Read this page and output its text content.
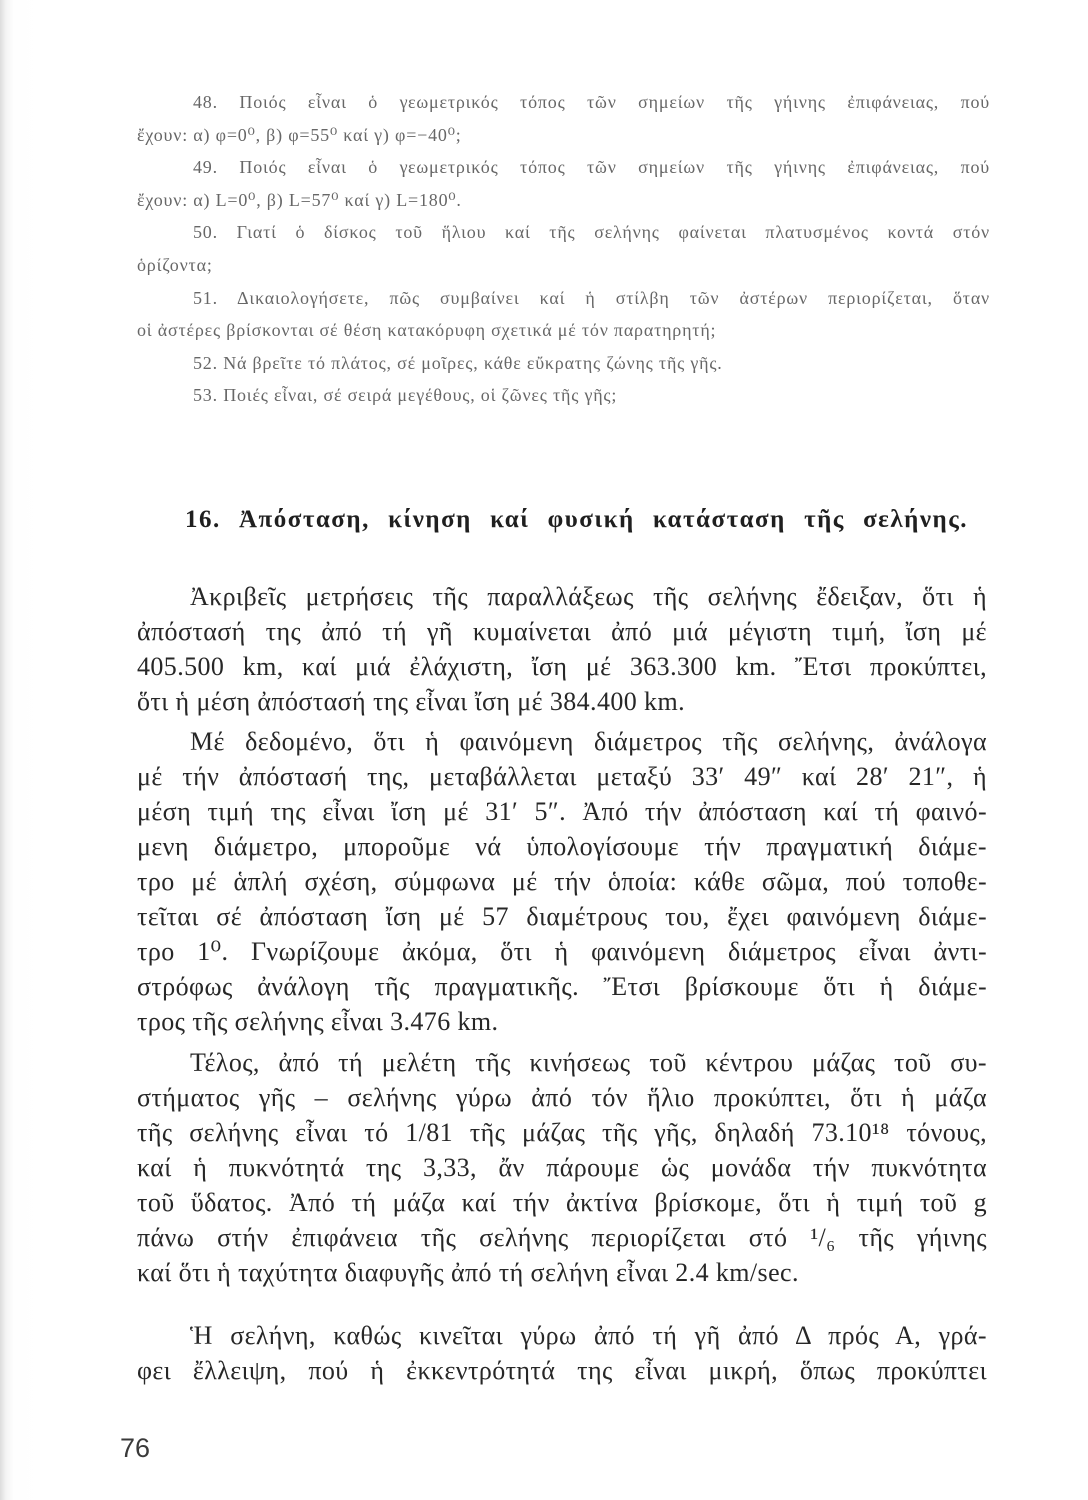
48. Ποιός εἶναι ὁ γεωμετρικός τόπος τῶν σημείων τῆς γήινης ἐπιφάνειας, πού
ἔχουν: α) φ=0⁰, β) φ=55⁰ καί γ) φ=−40⁰;
49. Ποιός εἶναι ὁ γεωμετρικός τόπος τῶν σημείων τῆς γήινης ἐπιφάνειας, πού
ἔχουν: α) L=0⁰, β) L=57⁰ καί γ) L=180⁰.
50. Γιατί ὁ δίσκος τοῦ ἥλιου καί τῆς σελήνης φαίνεται πλατυσμένος κοντά στόν
ὁρίζοντα;
51. Δικαιολογήσετε, πῶς συμβαίνει καί ἡ στίλβη τῶν ἀστέρων περιορίζεται, ὅταν
οἱ ἀστέρες βρίσκονται σέ θέση κατακόρυφη σχετικά μέ τόν παρατηρητή;
52. Νά βρεῖτε τό πλάτος, σέ μοῖρες, κάθε εὔκρατης ζώνης τῆς γῆς.
53. Ποιές εἶναι, σέ σειρά μεγέθους, οἱ ζῶνες τῆς γῆς;
16. Ἀπόσταση, κίνηση καί φυσική κατάσταση τῆς σελήνης.
Ἀκριβεῖς μετρήσεις τῆς παραλλάξεως τῆς σελήνης ἔδειξαν, ὅτι ἡ
ἀπόστασή της ἀπό τή γῆ κυμαίνεται ἀπό μιά μέγιστη τιμή, ἴση μέ
405.500 km, καί μιά ἐλάχιστη, ἴση μέ 363.300 km. Ἔτσι προκύπτει,
ὅτι ἡ μέση ἀπόστασή της εἶναι ἴση μέ 384.400 km.
Μέ δεδομένο, ὅτι ἡ φαινόμενη διάμετρος τῆς σελήνης, ἀνάλογα
μέ τήν ἀπόστασή της, μεταβάλλεται μεταξύ 33′ 49″ καί 28′ 21″, ἡ
μέση τιμή της εἶναι ἴση μέ 31′ 5″. Ἀπό τήν ἀπόσταση καί τή φαινό-
μενη διάμετρο, μποροῦμε νά ὑπολογίσουμε τήν πραγματική διάμε-
τρο μέ ἁπλή σχέση, σύμφωνα μέ τήν ὁποία: κάθε σῶμα, πού τοποθε-
τεῖται σέ ἀπόσταση ἴση μέ 57 διαμέτρους του, ἔχει φαινόμενη διάμε-
τρο 1⁰. Γνωρίζουμε ἀκόμα, ὅτι ἡ φαινόμενη διάμετρος εἶναι ἀντι-
στρόφως ἀνάλογη τῆς πραγματικῆς. Ἔτσι βρίσκουμε ὅτι ἡ διάμε-
τρος τῆς σελήνης εἶναι 3.476 km.
Τέλος, ἀπό τή μελέτη τῆς κινήσεως τοῦ κέντρου μάζας τοῦ συ-
στήματος γῆς – σελήνης γύρω ἀπό τόν ἥλιο προκύπτει, ὅτι ἡ μάζα
τῆς σελήνης εἶναι τό 1/81 τῆς μάζας τῆς γῆς, δηλαδή 73.10¹⁸ τόνους,
καί ἡ πυκνότητά της 3,33, ἄν πάρουμε ὡς μονάδα τήν πυκνότητα
τοῦ ὕδατος. Ἀπό τή μάζα καί τήν ἀκτίνα βρίσκομε, ὅτι ἡ τιμή τοῦ g
πάνω στήν ἐπιφάνεια τῆς σελήνης περιορίζεται στό ¹/₆ τῆς γήινης
καί ὅτι ἡ ταχύτητα διαφυγῆς ἀπό τή σελήνη εἶναι 2.4 km/sec.
Ἡ σελήνη, καθώς κινεῖται γύρω ἀπό τή γῆ ἀπό Δ πρός Α, γρά-
φει ἔλλειψη, πού ἡ ἐκκεντρότητά της εἶναι μικρή, ὅπως προκύπτει
76
